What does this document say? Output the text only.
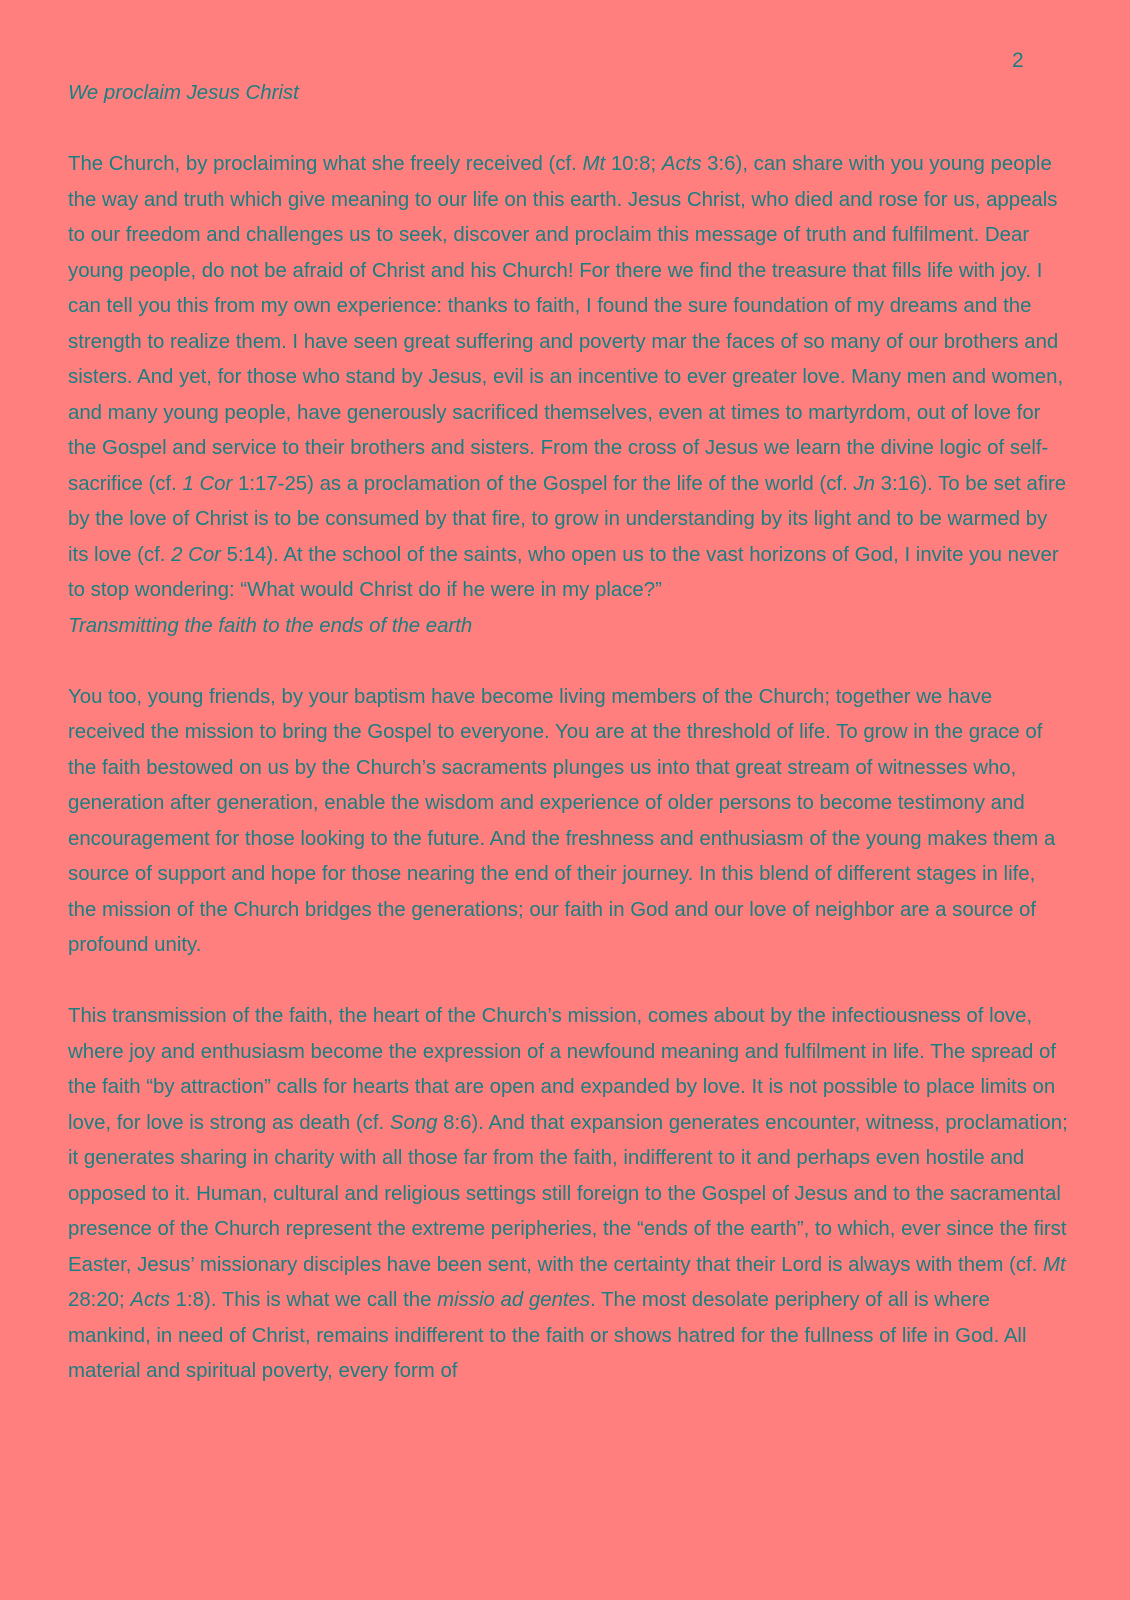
2
We proclaim Jesus Christ
The Church, by proclaiming what she freely received (cf. Mt 10:8; Acts 3:6), can share with you young people the way and truth which give meaning to our life on this earth. Jesus Christ, who died and rose for us, appeals to our freedom and challenges us to seek, discover and proclaim this message of truth and fulfilment. Dear young people, do not be afraid of Christ and his Church! For there we find the treasure that fills life with joy. I can tell you this from my own experience: thanks to faith, I found the sure foundation of my dreams and the strength to realize them. I have seen great suffering and poverty mar the faces of so many of our brothers and sisters. And yet, for those who stand by Jesus, evil is an incentive to ever greater love. Many men and women, and many young people, have generously sacrificed themselves, even at times to martyrdom, out of love for the Gospel and service to their brothers and sisters. From the cross of Jesus we learn the divine logic of self-sacrifice (cf. 1 Cor 1:17-25) as a proclamation of the Gospel for the life of the world (cf. Jn 3:16). To be set afire by the love of Christ is to be consumed by that fire, to grow in understanding by its light and to be warmed by its love (cf. 2 Cor 5:14). At the school of the saints, who open us to the vast horizons of God, I invite you never to stop wondering: “What would Christ do if he were in my place?”
Transmitting the faith to the ends of the earth
You too, young friends, by your baptism have become living members of the Church; together we have received the mission to bring the Gospel to everyone. You are at the threshold of life. To grow in the grace of the faith bestowed on us by the Church’s sacraments plunges us into that great stream of witnesses who, generation after generation, enable the wisdom and experience of older persons to become testimony and encouragement for those looking to the future. And the freshness and enthusiasm of the young makes them a source of support and hope for those nearing the end of their journey. In this blend of different stages in life, the mission of the Church bridges the generations; our faith in God and our love of neighbor are a source of profound unity.
This transmission of the faith, the heart of the Church’s mission, comes about by the infectiousness of love, where joy and enthusiasm become the expression of a newfound meaning and fulfilment in life. The spread of the faith “by attraction” calls for hearts that are open and expanded by love. It is not possible to place limits on love, for love is strong as death (cf. Song 8:6). And that expansion generates encounter, witness, proclamation; it generates sharing in charity with all those far from the faith, indifferent to it and perhaps even hostile and opposed to it. Human, cultural and religious settings still foreign to the Gospel of Jesus and to the sacramental presence of the Church represent the extreme peripheries, the “ends of the earth”, to which, ever since the first Easter, Jesus’ missionary disciples have been sent, with the certainty that their Lord is always with them (cf. Mt 28:20; Acts 1:8). This is what we call the missio ad gentes. The most desolate periphery of all is where mankind, in need of Christ, remains indifferent to the faith or shows hatred for the fullness of life in God. All material and spiritual poverty, every form of
